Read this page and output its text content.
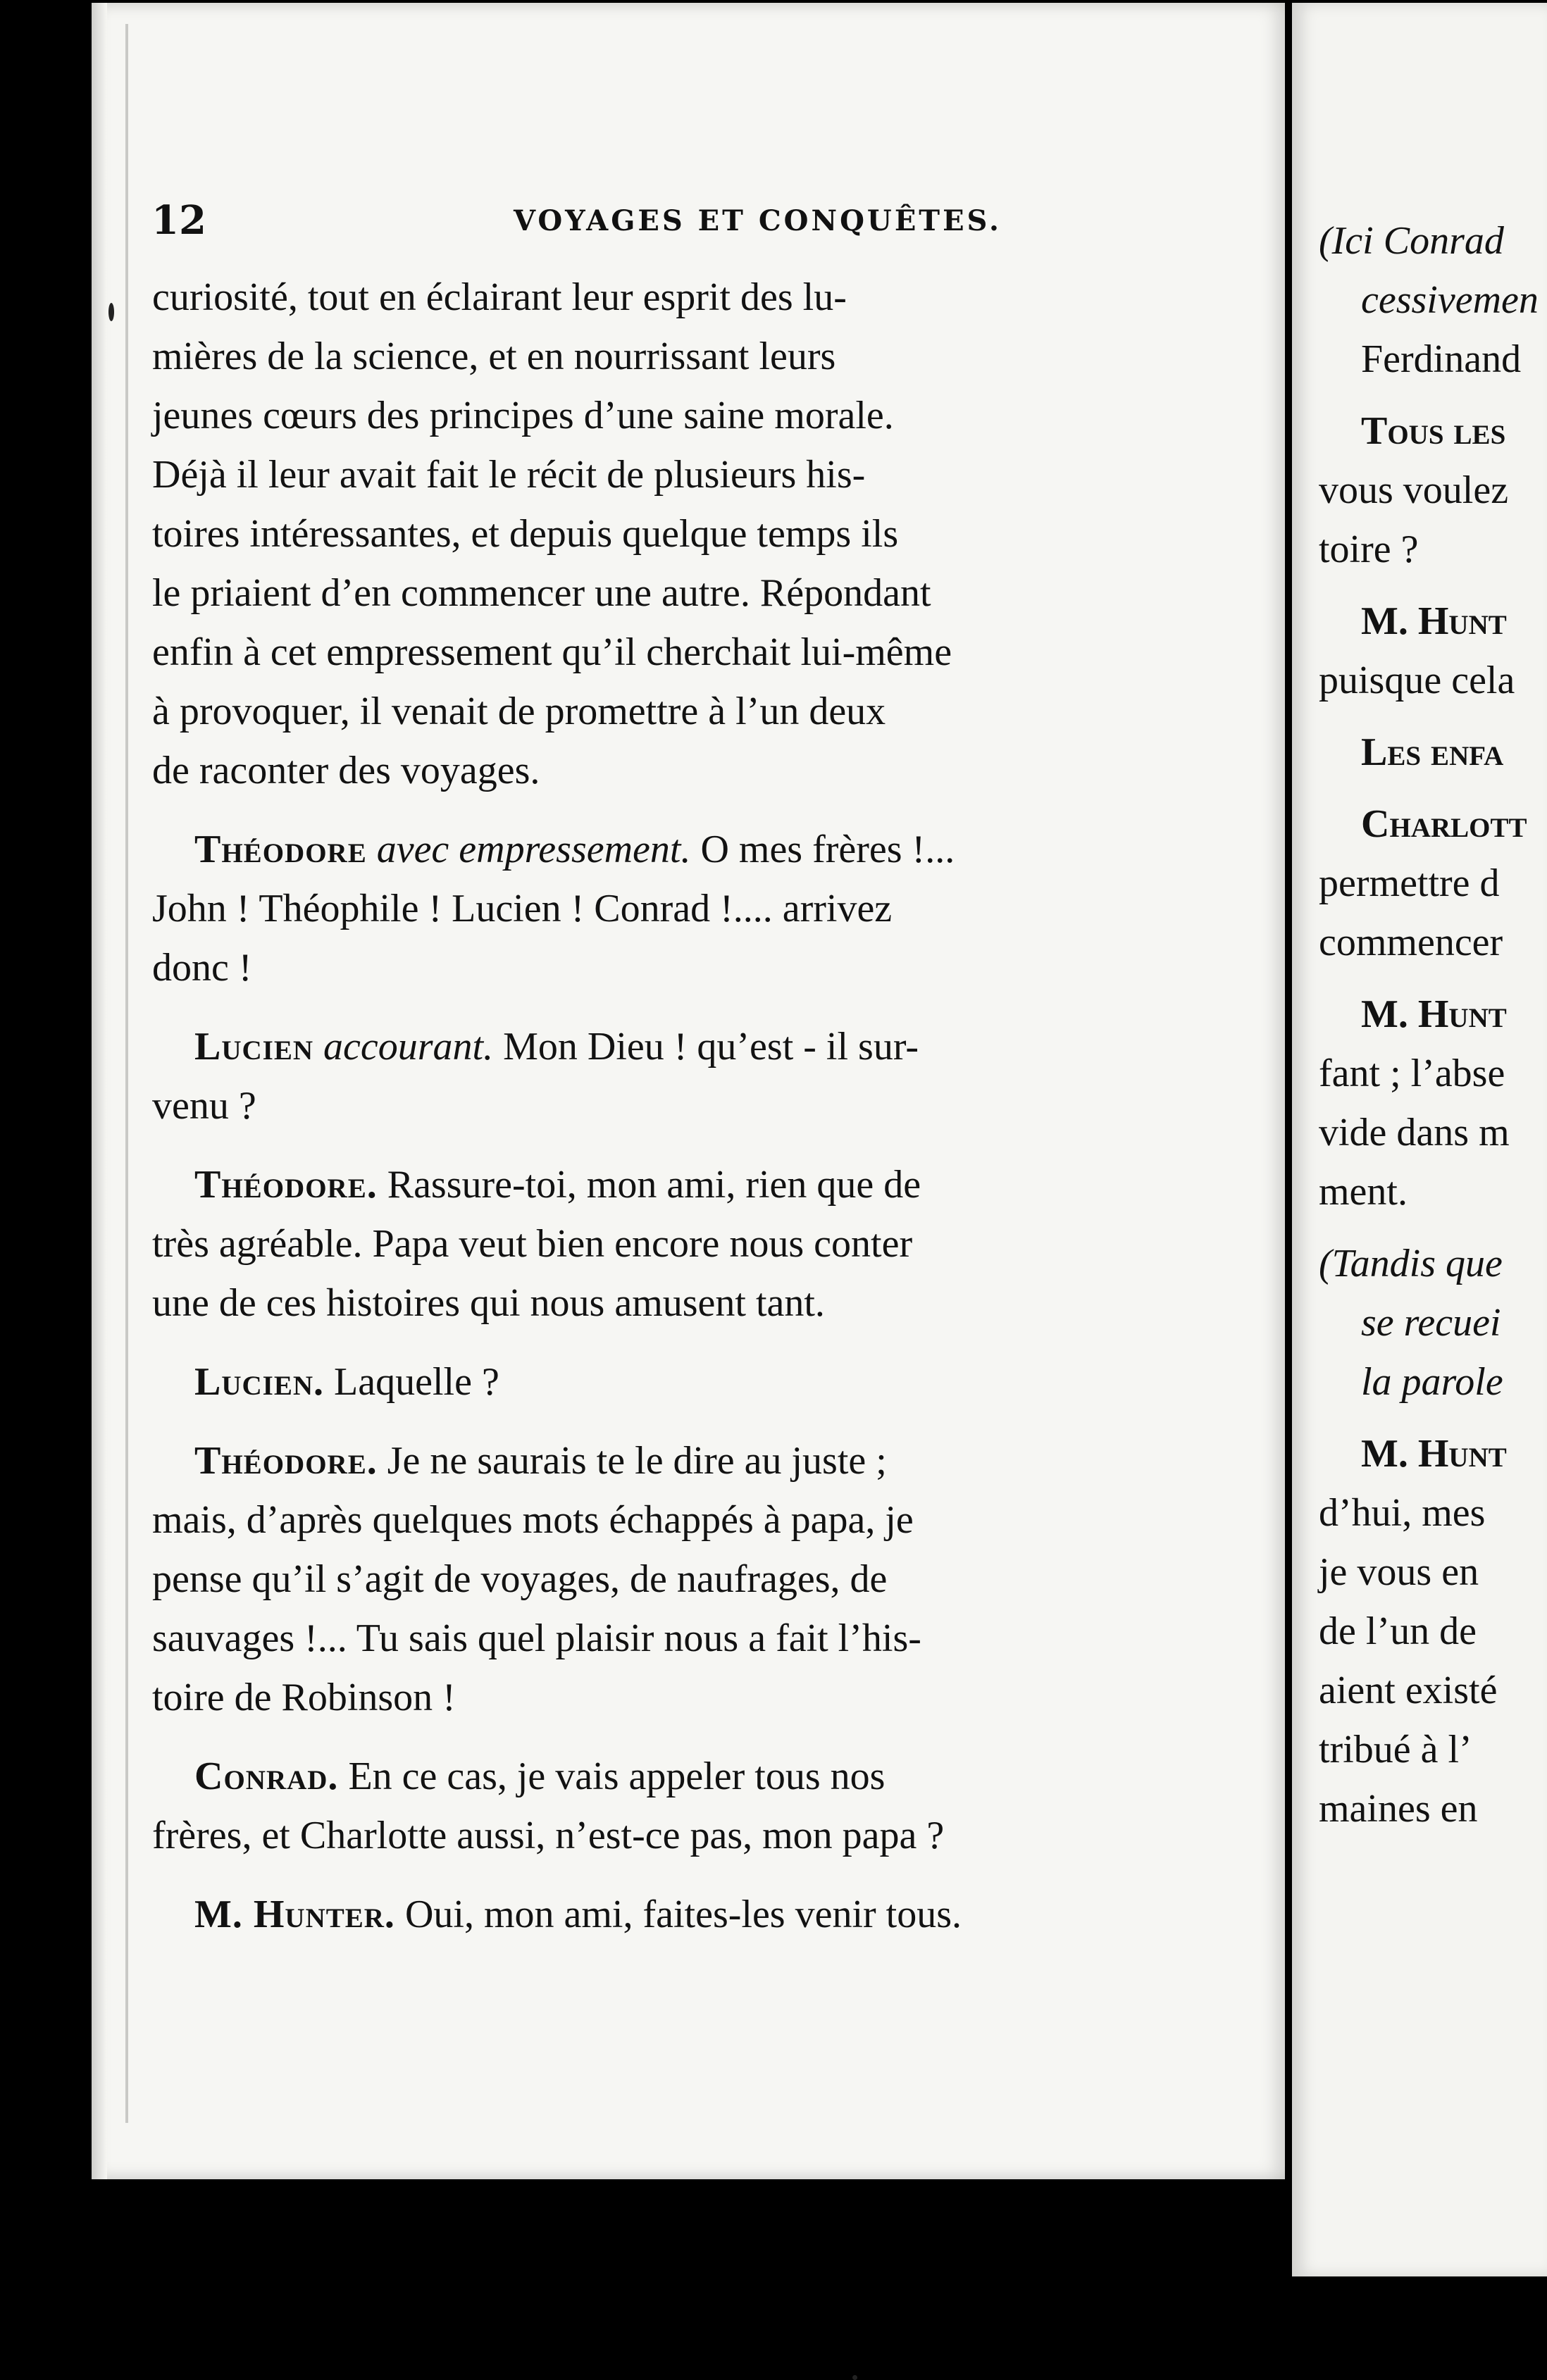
12	VOYAGES ET CONQUÊTES.
curiosité, tout en éclairant leur esprit des lu-
mières de la science, et en nourrissant leurs
jeunes cœurs des principes d’une saine morale.
Déjà il leur avait fait le récit de plusieurs his-
toires intéressantes, et depuis quelque temps ils
le priaient d’en commencer une autre. Répondant
enfin à cet empressement qu’il cherchait lui-même
à provoquer, il venait de promettre à l’un deux
de raconter des voyages.
Théodore avec empressement. O mes frères !...
John ! Théophile ! Lucien ! Conrad !.... arrivez
donc !
Lucien accourant. Mon Dieu ! qu’est - il sur-
venu ?
Théodore. Rassure-toi, mon ami, rien que de
très agréable. Papa veut bien encore nous conter
une de ces histoires qui nous amusent tant.
Lucien. Laquelle ?
Théodore. Je ne saurais te le dire au juste ;
mais, d’après quelques mots échappés à papa, je
pense qu’il s’agit de voyages, de naufrages, de
sauvages !... Tu sais quel plaisir nous a fait l’his-
toire de Robinson !
Conrad. En ce cas, je vais appeler tous nos
frères, et Charlotte aussi, n’est-ce pas, mon papa ?
M. Hunter. Oui, mon ami, faites-les venir tous.
(Ici Conrad
cessivemen
Ferdinand
Tous les
vous voulez
toire ?
M. Hunt
puisque cela
Les enfa
Charlott
permettre d
commencer
M. Hunt
fant ; l’abse
vide dans m
ment.
(Tandis que
se recuei
la parole
M. Hunt
d’hui, mes
je vous en
de l’un de
aient existé
tribué à l’
maines en
